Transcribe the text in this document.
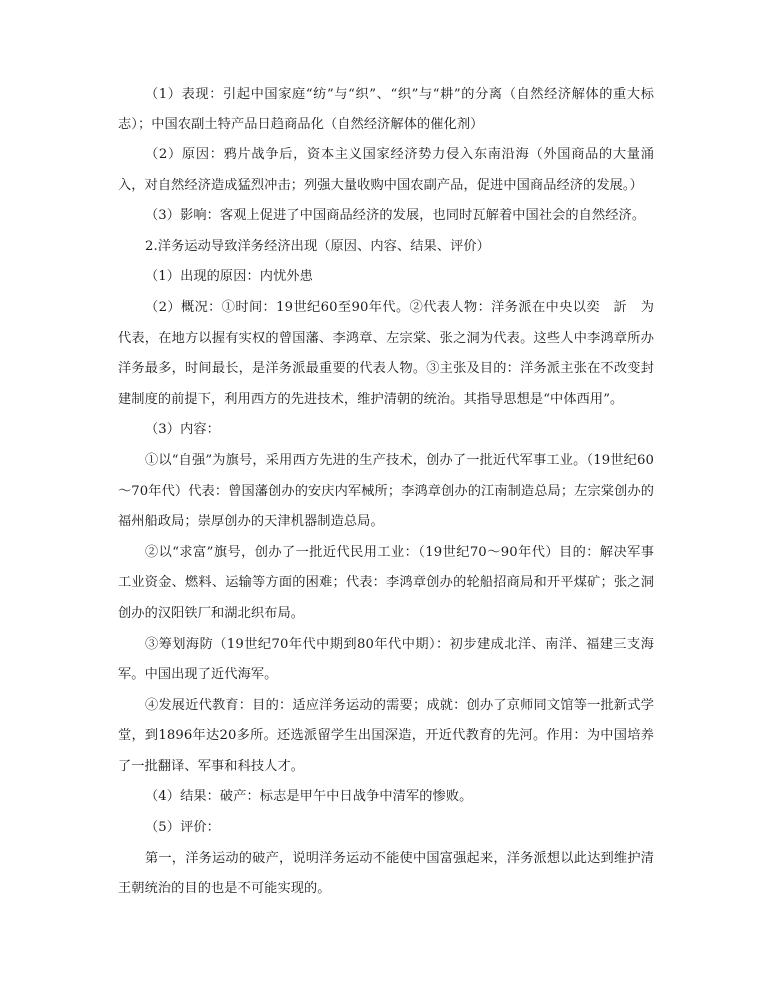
（1）表现：引起中国家庭“纺”与“织”、“织”与“耕”的分离（自然经济解体的重大标志）；中国农副土特产品日趋商品化（自然经济解体的催化剂）

（2）原因：鸦片战争后，资本主义国家经济势力侵入东南沿海（外国商品的大量涌入，对自然经济造成猛烈冲击；列强大量收购中国农副产品，促进中国商品经济的发展。）

（3）影响：客观上促进了中国商品经济的发展，也同时瓦解着中国社会的自然经济。

2.洋务运动导致洋务经济出现（原因、内容、结果、评价）

（1）出现的原因：内忧外患

（2）概况：①时间：19世纪60至90年代。②代表人物：洋务派在中央以奕　訢　为代表，在地方以握有实权的曾国藩、李鸿章、左宗棠、张之洞为代表。这些人中李鸿章所办洋务最多，时间最长，是洋务派最重要的代表人物。③主张及目的：洋务派主张在不改变封建制度的前提下，利用西方的先进技术，维护清朝的统治。其指导思想是“中体西用”。

（3）内容：

①以“自强”为旗号，采用西方先进的生产技术，创办了一批近代军事工业。（19世纪60～70年代）代表：曾国藩创办的安庆内军械所；李鸿章创办的江南制造总局；左宗棠创办的福州船政局；崇厚创办的天津机器制造总局。

②以“求富”旗号，创办了一批近代民用工业：（19世纪70～90年代）目的：解决军事工业资金、燃料、运输等方面的困难；代表：李鸿章创办的轮船招商局和开平煤矿；张之洞创办的汉阳铁厂和湖北织布局。

③筹划海防（19世纪70年代中期到80年代中期）：初步建成北洋、南洋、福建三支海军。中国出现了近代海军。

④发展近代教育：目的：适应洋务运动的需要；成就：创办了京师同文馆等一批新式学堂，到1896年达20多所。还选派留学生出国深造，开近代教育的先河。作用：为中国培养了一批翻译、军事和科技人才。

（4）结果：破产：标志是甲午中日战争中清军的惨败。

（5）评价：

第一，洋务运动的破产，说明洋务运动不能使中国富强起来，洋务派想以此达到维护清王朝统治的目的也是不可能实现的。
